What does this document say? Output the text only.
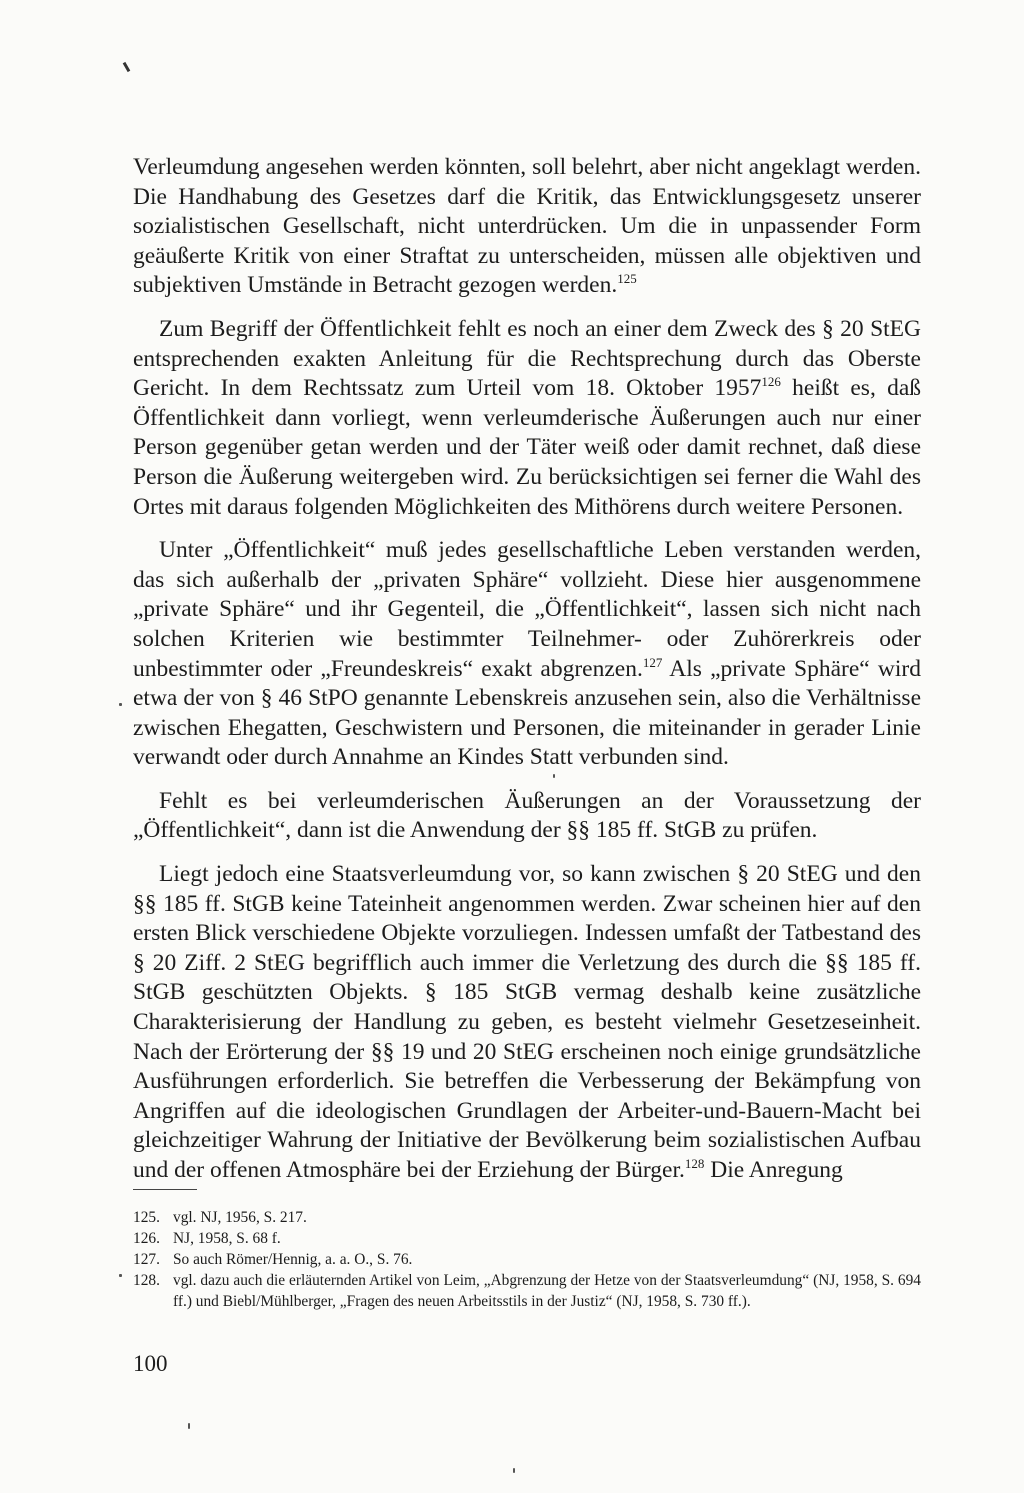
Verleumdung angesehen werden könnten, soll belehrt, aber nicht angeklagt werden. Die Handhabung des Gesetzes darf die Kritik, das Entwicklungsgesetz unserer sozialistischen Gesellschaft, nicht unterdrücken. Um die in unpassender Form geäußerte Kritik von einer Straftat zu unterscheiden, müssen alle objektiven und subjektiven Umstände in Betracht gezogen werden.$^{125}$

Zum Begriff der Öffentlichkeit fehlt es noch an einer dem Zweck des § 20 StEG entsprechenden exakten Anleitung für die Rechtsprechung durch das Oberste Gericht. In dem Rechtssatz zum Urteil vom 18. Oktober 1957$^{126}$ heißt es, daß Öffentlichkeit dann vorliegt, wenn verleumderische Äußerungen auch nur einer Person gegenüber getan werden und der Täter weiß oder damit rechnet, daß diese Person die Äußerung weitergeben wird. Zu berücksichtigen sei ferner die Wahl des Ortes mit daraus folgenden Möglichkeiten des Mithörens durch weitere Personen.

Unter „Öffentlichkeit“ muß jedes gesellschaftliche Leben verstanden werden, das sich außerhalb der „privaten Sphäre“ vollzieht. Diese hier ausgenommene „private Sphäre“ und ihr Gegenteil, die „Öffentlichkeit“, lassen sich nicht nach solchen Kriterien wie bestimmter Teilnehmer- oder Zuhörerkreis oder unbestimmter oder „Freundeskreis“ exakt abgrenzen.$^{127}$ Als „private Sphäre“ wird etwa der von § 46 StPO genannte Lebenskreis anzusehen sein, also die Verhältnisse zwischen Ehegatten, Geschwistern und Personen, die miteinander in gerader Linie verwandt oder durch Annahme an Kindes Statt verbunden sind.

Fehlt es bei verleumderischen Äußerungen an der Voraussetzung der „Öffentlichkeit“, dann ist die Anwendung der §§ 185 ff. StGB zu prüfen.

Liegt jedoch eine Staatsverleumdung vor, so kann zwischen § 20 StEG und den §§ 185 ff. StGB keine Tateinheit angenommen werden. Zwar scheinen hier auf den ersten Blick verschiedene Objekte vorzuliegen. Indessen umfaßt der Tatbestand des § 20 Ziff. 2 StEG begrifflich auch immer die Verletzung des durch die §§ 185 ff. StGB geschützten Objekts. § 185 StGB vermag deshalb keine zusätzliche Charakterisierung der Handlung zu geben, es besteht vielmehr Gesetzeseinheit. Nach der Erörterung der §§ 19 und 20 StEG erscheinen noch einige grundsätzliche Ausführungen erforderlich. Sie betreffen die Verbesserung der Bekämpfung von Angriffen auf die ideologischen Grundlagen der Arbeiter-und-Bauern-Macht bei gleichzeitiger Wahrung der Initiative der Bevölkerung beim sozialistischen Aufbau und der offenen Atmosphäre bei der Erziehung der Bürger.$^{128}$ Die Anregung

125. vgl. NJ, 1956, S. 217.
126. NJ, 1958, S. 68 f.
127. So auch Römer/Hennig, a. a. O., S. 76.
128. vgl. dazu auch die erläuternden Artikel von Leim, „Abgrenzung der Hetze von der Staatsverleumdung“ (NJ, 1958, S. 694 ff.) und Biebl/Mühlberger, „Fragen des neuen Arbeitsstils in der Justiz“ (NJ, 1958, S. 730 ff.).
100
